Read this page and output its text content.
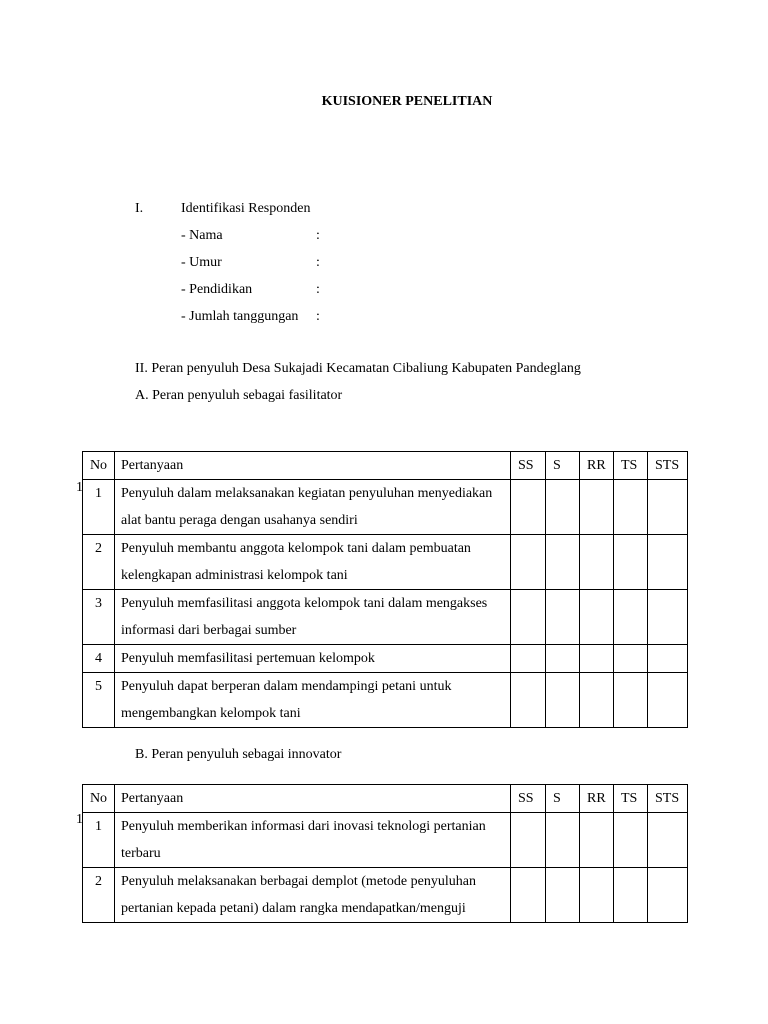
KUISIONER PENELITIAN
I.	Identifikasi Responden
- Nama	:
- Umur	:
- Pendidikan	:
- Jumlah tanggungan :
II. Peran penyuluh Desa Sukajadi Kecamatan Cibaliung Kabupaten Pandeglang
A. Peran penyuluh sebagai fasilitator
1
No	Pertanyaan	SS	S	RR	TS	STS
1	Penyuluh dalam melaksanakan kegiatan penyuluhan menyediakan alat bantu peraga dengan usahanya sendiri					
2	Penyuluh membantu anggota kelompok tani dalam pembuatan kelengkapan administrasi kelompok tani					
3	Penyuluh memfasilitasi anggota kelompok tani dalam mengakses informasi dari berbagai sumber					
4	Penyuluh memfasilitasi pertemuan kelompok					
5	Penyuluh dapat berperan dalam mendampingi petani untuk mengembangkan kelompok tani					
B. Peran penyuluh sebagai innovator
1
No	Pertanyaan	SS	S	RR	TS	STS
1	Penyuluh memberikan informasi dari inovasi teknologi pertanian terbaru					
2	Penyuluh melaksanakan berbagai demplot (metode penyuluhan pertanian kepada petani) dalam rangka mendapatkan/menguji					
